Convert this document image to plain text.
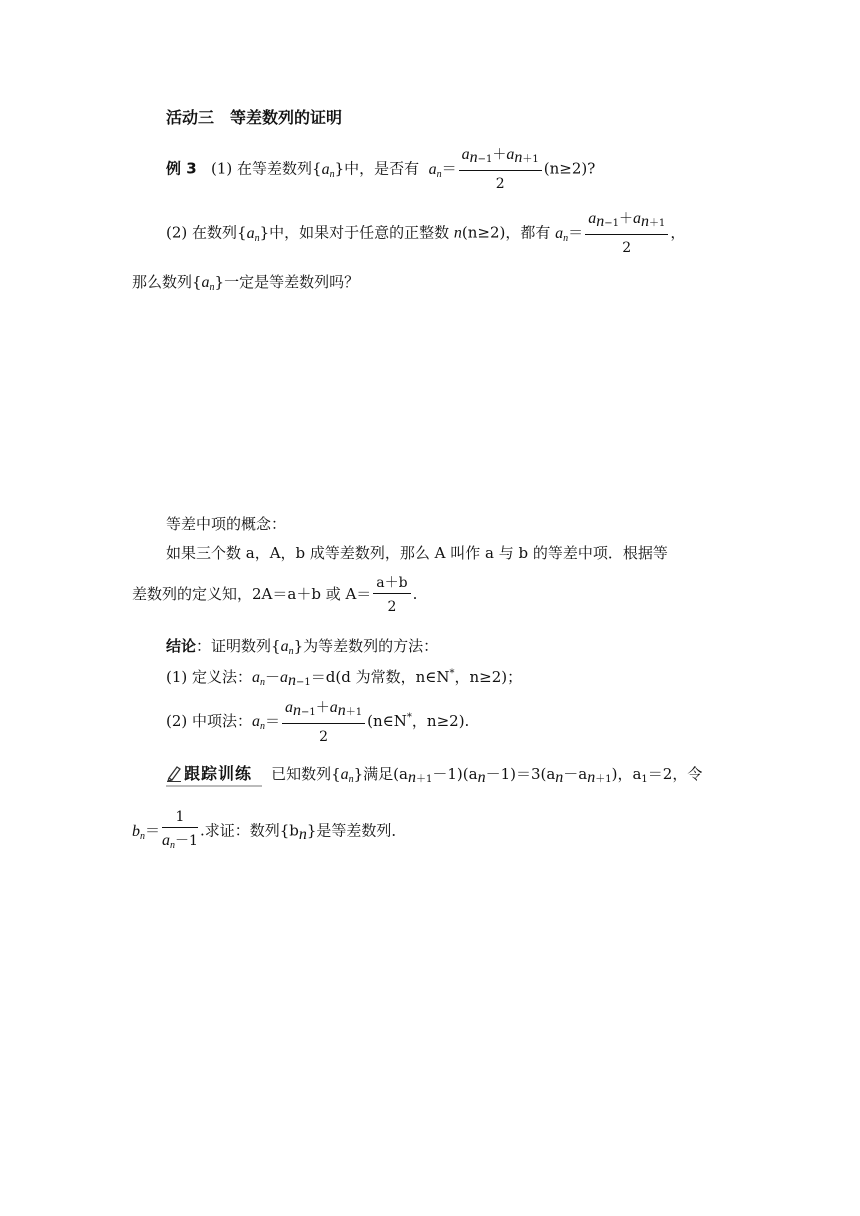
活动三　等差数列的证明
例 3 (1) 在等差数列$\{a_n\}$中，是否有 $a_n= \frac{a_{n-1}+a_{n+1}}{2} (n\ge 2)$?
(2) 在数列$\{a_n\}$中，如果对于任意的正整数 n(n≥2)，都有 $a_n= \frac{a_{n-1}+a_{n+1}}{2}$ ，
那么数列$\{a_n\}$一定是等差数列吗？
等差中项的概念：
如果三个数 a，A，b 成等差数列，那么 A 叫作 a 与 b 的等差中项．根据等
差数列的定义知，2A＝a＋b 或 $A= \frac{a+b}{2}$ .
结论：证明数列$\{a_n\}$为等差数列的方法：
(1) 定义法：$a_n-a_{n-1}=d(d$ 为常数，n∈N*，n≥2)；
(2) 中项法：$a_n= \frac{a_{n-1}+a_{n+1}}{2}$ (n∈N*，n≥2).
跟踪训练 已知数列$\{a_n\}$满足$(a_{n+1}-1)(a_n-1)=3(a_n-a_{n+1})$，$a_1=2$，令
$b_n= \frac{1}{a_n-1}$ .求证：数列$\{b_n\}$是等差数列．
